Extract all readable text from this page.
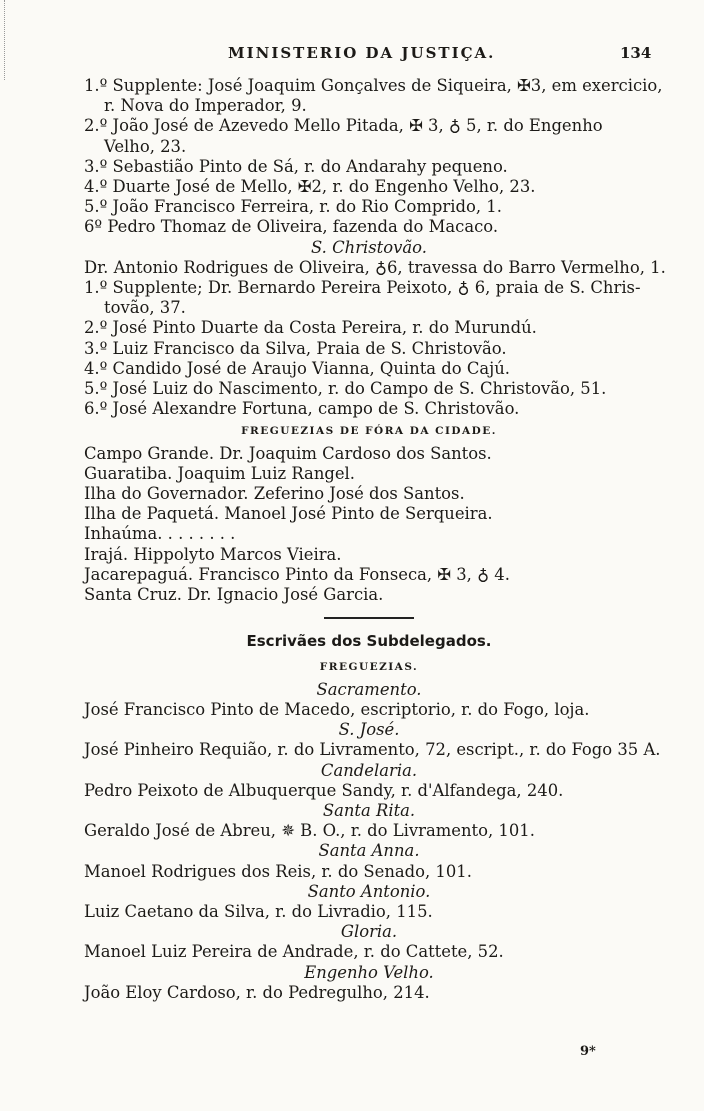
MINISTERIO DA JUSTIÇA.	134
1.º Supplente: José Joaquim Gonçalves de Siqueira, ✠3, em exercicio,
r. Nova do Imperador, 9.
2.º João José de Azevedo Mello Pitada, ✠ 3, ♁ 5, r. do Engenho
Velho, 23.
3.º Sebastião Pinto de Sá, r. do Andarahy pequeno.
4.º Duarte José de Mello, ✠2, r. do Engenho Velho, 23.
5.º João Francisco Ferreira, r. do Rio Comprido, 1.
6º Pedro Thomaz de Oliveira, fazenda do Macaco.
S. Christovão.
Dr. Antonio Rodrigues de Oliveira, ♁6, travessa do Barro Vermelho, 1.
1.º Supplente; Dr. Bernardo Pereira Peixoto, ♁ 6, praia de S. Chris-
tovão, 37.
2.º José Pinto Duarte da Costa Pereira, r. do Murundú.
3.º Luiz Francisco da Silva, Praia de S. Christovão.
4.º Candido José de Araujo Vianna, Quinta do Cajú.
5.º José Luiz do Nascimento, r. do Campo de S. Christovão, 51.
6.º José Alexandre Fortuna, campo de S. Christovão.
FREGUEZIAS DE FÓRA DA CIDADE.
Campo Grande. Dr. Joaquim Cardoso dos Santos.
Guaratiba. Joaquim Luiz Rangel.
Ilha do Governador. Zeferino José dos Santos.
Ilha de Paquetá. Manoel José Pinto de Serqueira.
Inhaúma. . . . . . . .
Irajá. Hippolyto Marcos Vieira.
Jacarepaguá. Francisco Pinto da Fonseca, ✠ 3, ♁ 4.
Santa Cruz. Dr. Ignacio José Garcia.
Escrivães dos Subdelegados.
FREGUEZIAS.
Sacramento.
José Francisco Pinto de Macedo, escriptorio, r. do Fogo, loja.
S. José.
José Pinheiro Requião, r. do Livramento, 72, escript., r. do Fogo 35 A.
Candelaria.
Pedro Peixoto de Albuquerque Sandy, r. d'Alfandega, 240.
Santa Rita.
Geraldo José de Abreu, ✵ B. O., r. do Livramento, 101.
Santa Anna.
Manoel Rodrigues dos Reis, r. do Senado, 101.
Santo Antonio.
Luiz Caetano da Silva, r. do Livradio, 115.
Gloria.
Manoel Luiz Pereira de Andrade, r. do Cattete, 52.
Engenho Velho.
João Eloy Cardoso, r. do Pedregulho, 214.
9*
